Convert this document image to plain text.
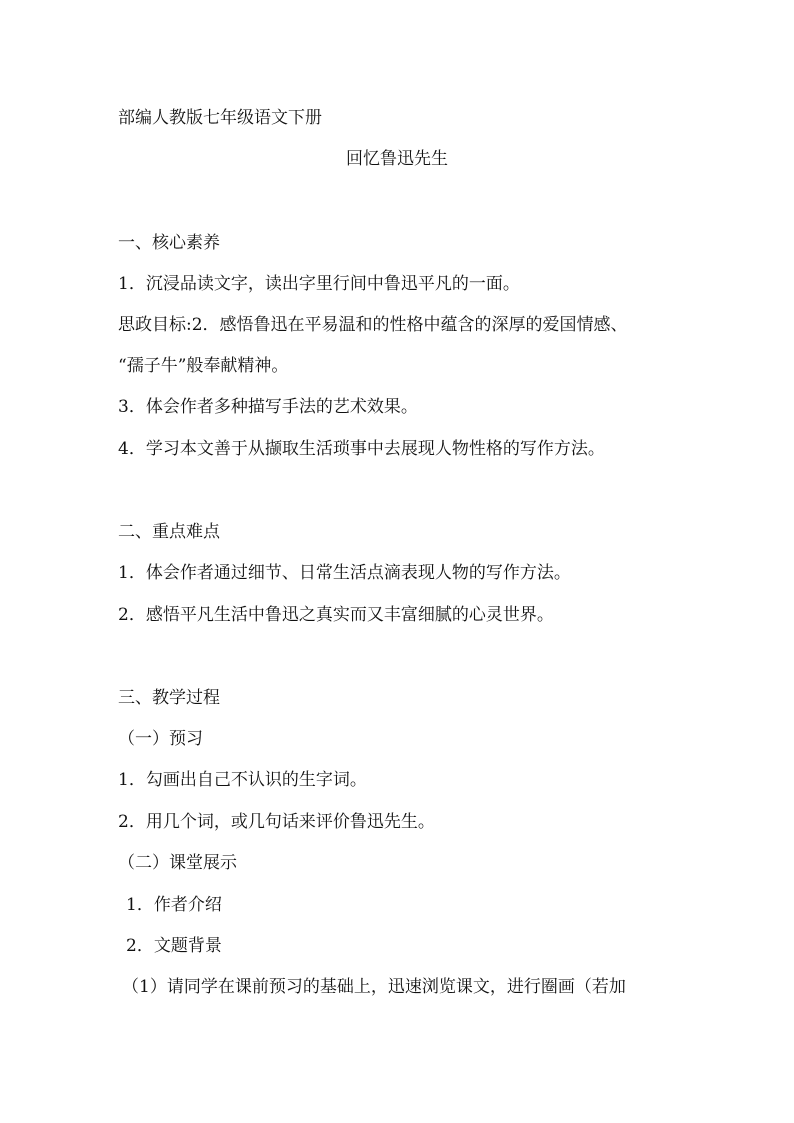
部编人教版七年级语文下册
回忆鲁迅先生
一、核心素养
1．沉浸品读文字，读出字里行间中鲁迅平凡的一面。
思政目标:2．感悟鲁迅在平易温和的性格中蕴含的深厚的爱国情感、
“孺子牛”般奉献精神。
3．体会作者多种描写手法的艺术效果。
4．学习本文善于从撷取生活琐事中去展现人物性格的写作方法。
二、重点难点
1．体会作者通过细节、日常生活点滴表现人物的写作方法。
2．感悟平凡生活中鲁迅之真实而又丰富细腻的心灵世界。
三、教学过程
（一）预习
1．勾画出自己不认识的生字词。
2．用几个词，或几句话来评价鲁迅先生。
（二）课堂展示
1．作者介绍
2．文题背景
（1）请同学在课前预习的基础上，迅速浏览课文，进行圈画（若加
